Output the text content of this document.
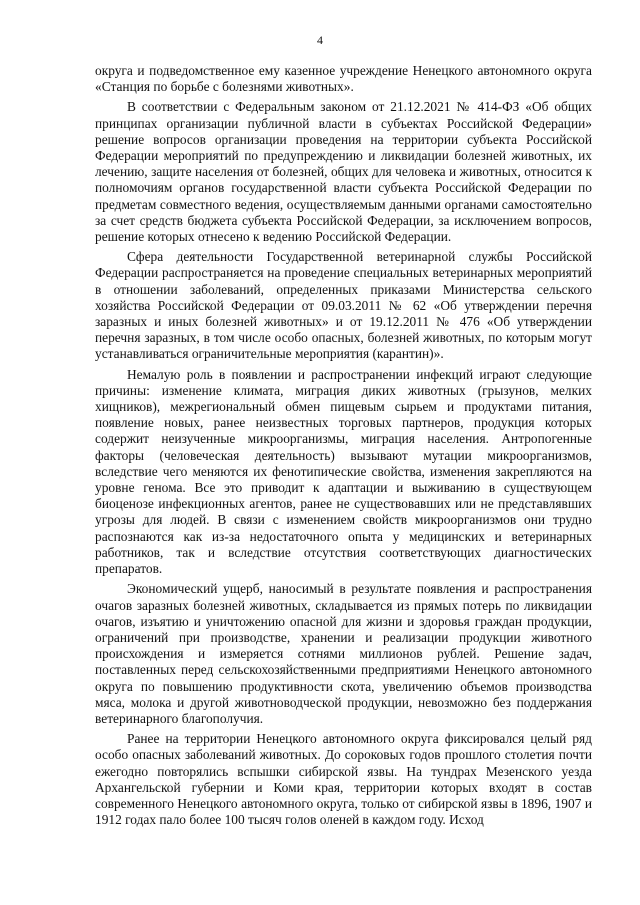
4

округа и подведомственное ему казенное учреждение Ненецкого автономного округа «Станция по борьбе с болезнями животных».

В соответствии с Федеральным законом от 21.12.2021 № 414-ФЗ «Об общих принципах организации публичной власти в субъектах Российской Федерации» решение вопросов организации проведения на территории субъекта Российской Федерации мероприятий по предупреждению и ликвидации болезней животных, их лечению, защите населения от болезней, общих для человека и животных, относится к полномочиям органов государственной власти субъекта Российской Федерации по предметам совместного ведения, осуществляемым данными органами самостоятельно за счет средств бюджета субъекта Российской Федерации, за исключением вопросов, решение которых отнесено к ведению Российской Федерации.

Сфера деятельности Государственной ветеринарной службы Российской Федерации распространяется на проведение специальных ветеринарных мероприятий в отношении заболеваний, определенных приказами Министерства сельского хозяйства Российской Федерации от 09.03.2011 № 62 «Об утверждении перечня заразных и иных болезней животных» и от 19.12.2011 № 476 «Об утверждении перечня заразных, в том числе особо опасных, болезней животных, по которым могут устанавливаться ограничительные мероприятия (карантин)».

Немалую роль в появлении и распространении инфекций играют следующие причины: изменение климата, миграция диких животных (грызунов, мелких хищников), межрегиональный обмен пищевым сырьем и продуктами питания, появление новых, ранее неизвестных торговых партнеров, продукция которых содержит неизученные микроорганизмы, миграция населения. Антропогенные факторы (человеческая деятельность) вызывают мутации микроорганизмов, вследствие чего меняются их фенотипические свойства, изменения закрепляются на уровне генома. Все это приводит к адаптации и выживанию в существующем биоценозе инфекционных агентов, ранее не существовавших или не представлявших угрозы для людей. В связи с изменением свойств микроорганизмов они трудно распознаются как из-за недостаточного опыта у медицинских и ветеринарных работников, так и вследствие отсутствия соответствующих диагностических препаратов.

Экономический ущерб, наносимый в результате появления и распространения очагов заразных болезней животных, складывается из прямых потерь по ликвидации очагов, изъятию и уничтожению опасной для жизни и здоровья граждан продукции, ограничений при производстве, хранении и реализации продукции животного происхождения и измеряется сотнями миллионов рублей. Решение задач, поставленных перед сельскохозяйственными предприятиями Ненецкого автономного округа по повышению продуктивности скота, увеличению объемов производства мяса, молока и другой животноводческой продукции, невозможно без поддержания ветеринарного благополучия.

Ранее на территории Ненецкого автономного округа фиксировался целый ряд особо опасных заболеваний животных. До сороковых годов прошлого столетия почти ежегодно повторялись вспышки сибирской язвы. На тундрах Мезенского уезда Архангельской губернии и Коми края, территории которых входят в состав современного Ненецкого автономного округа, только от сибирской язвы в 1896, 1907 и 1912 годах пало более 100 тысяч голов оленей в каждом году. Исход
